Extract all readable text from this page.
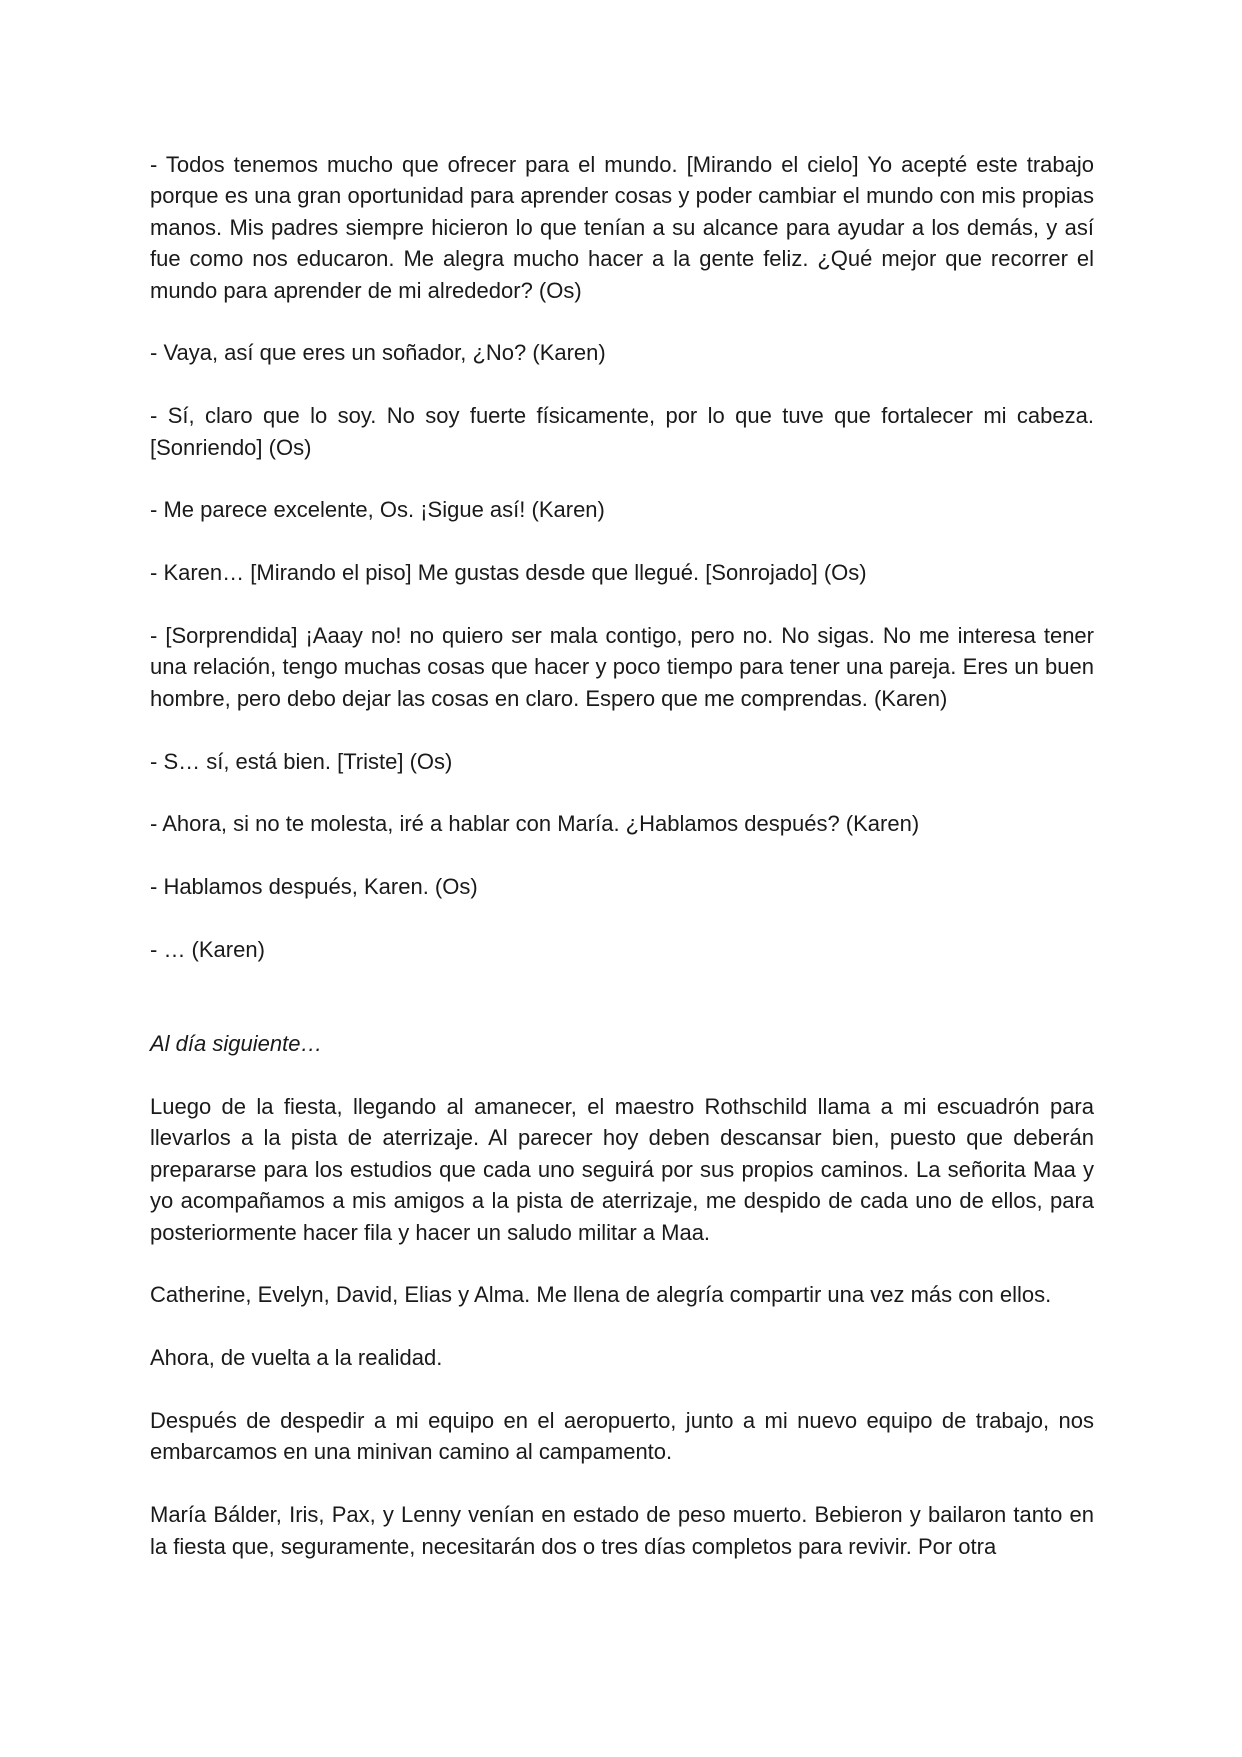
- Todos tenemos mucho que ofrecer para el mundo. [Mirando el cielo] Yo acepté este trabajo porque es una gran oportunidad para aprender cosas y poder cambiar el mundo con mis propias manos. Mis padres siempre hicieron lo que tenían a su alcance para ayudar a los demás, y así fue como nos educaron. Me alegra mucho hacer a la gente feliz. ¿Qué mejor que recorrer el mundo para aprender de mi alrededor? (Os)

- Vaya, así que eres un soñador, ¿No? (Karen)

- Sí, claro que lo soy. No soy fuerte físicamente, por lo que tuve que fortalecer mi cabeza. [Sonriendo] (Os)

- Me parece excelente, Os. ¡Sigue así! (Karen)

- Karen… [Mirando el piso] Me gustas desde que llegué. [Sonrojado] (Os)

- [Sorprendida] ¡Aaay no! no quiero ser mala contigo, pero no. No sigas. No me interesa tener una relación, tengo muchas cosas que hacer y poco tiempo para tener una pareja. Eres un buen hombre, pero debo dejar las cosas en claro. Espero que me comprendas. (Karen)

- S… sí, está bien. [Triste] (Os)

- Ahora, si no te molesta, iré a hablar con María. ¿Hablamos después? (Karen)

- Hablamos después, Karen. (Os)

- … (Karen)

Al día siguiente…

Luego de la fiesta, llegando al amanecer, el maestro Rothschild llama a mi escuadrón para llevarlos a la pista de aterrizaje. Al parecer hoy deben descansar bien, puesto que deberán prepararse para los estudios que cada uno seguirá por sus propios caminos. La señorita Maa y yo acompañamos a mis amigos a la pista de aterrizaje, me despido de cada uno de ellos, para posteriormente hacer fila y hacer un saludo militar a Maa.

Catherine, Evelyn, David, Elias y Alma. Me llena de alegría compartir una vez más con ellos.

Ahora, de vuelta a la realidad.

Después de despedir a mi equipo en el aeropuerto, junto a mi nuevo equipo de trabajo, nos embarcamos en una minivan camino al campamento.

María Bálder, Iris, Pax, y Lenny venían en estado de peso muerto. Bebieron y bailaron tanto en la fiesta que, seguramente, necesitarán dos o tres días completos para revivir. Por otra
